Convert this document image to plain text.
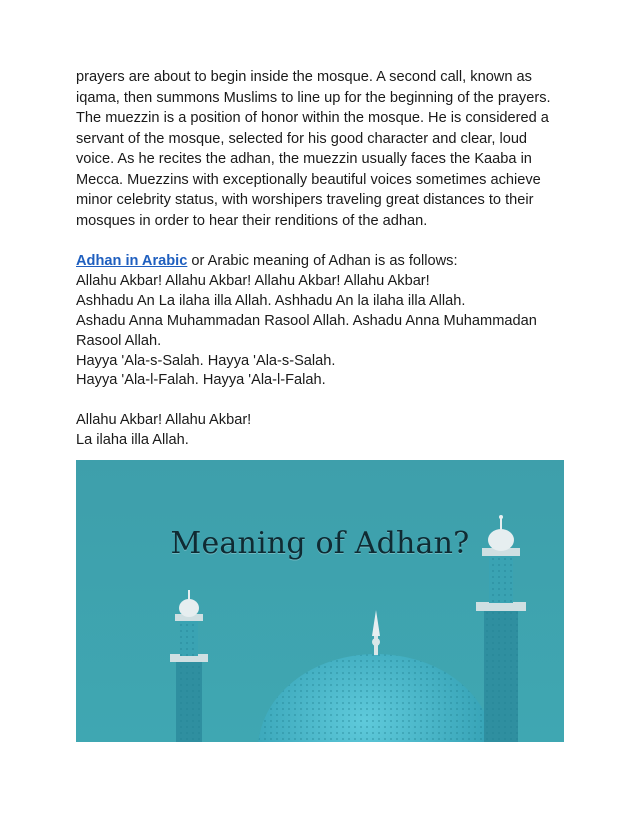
prayers are about to begin inside the mosque. A second call, known as
iqama, then summons Muslims to line up for the beginning of the prayers.
The muezzin is a position of honor within the mosque. He is considered a
servant of the mosque, selected for his good character and clear, loud
voice. As he recites the adhan, the muezzin usually faces the Kaaba in
Mecca. Muezzins with exceptionally beautiful voices sometimes achieve
minor celebrity status, with worshipers traveling great distances to their
mosques in order to hear their renditions of the adhan.

Adhan in Arabic or Arabic meaning of Adhan is as follows:
Allahu Akbar! Allahu Akbar! Allahu Akbar! Allahu Akbar!
Ashhadu An La ilaha illa Allah. Ashhadu An la ilaha illa Allah.
Ashadu Anna Muhammadan Rasool Allah. Ashadu Anna Muhammadan
Rasool Allah.
Hayya 'Ala-s-Salah. Hayya 'Ala-s-Salah.
Hayya 'Ala-l-Falah. Hayya 'Ala-l-Falah.
Allahu Akbar! Allahu Akbar!
La ilaha illa Allah.
Meaning of Adhan?
